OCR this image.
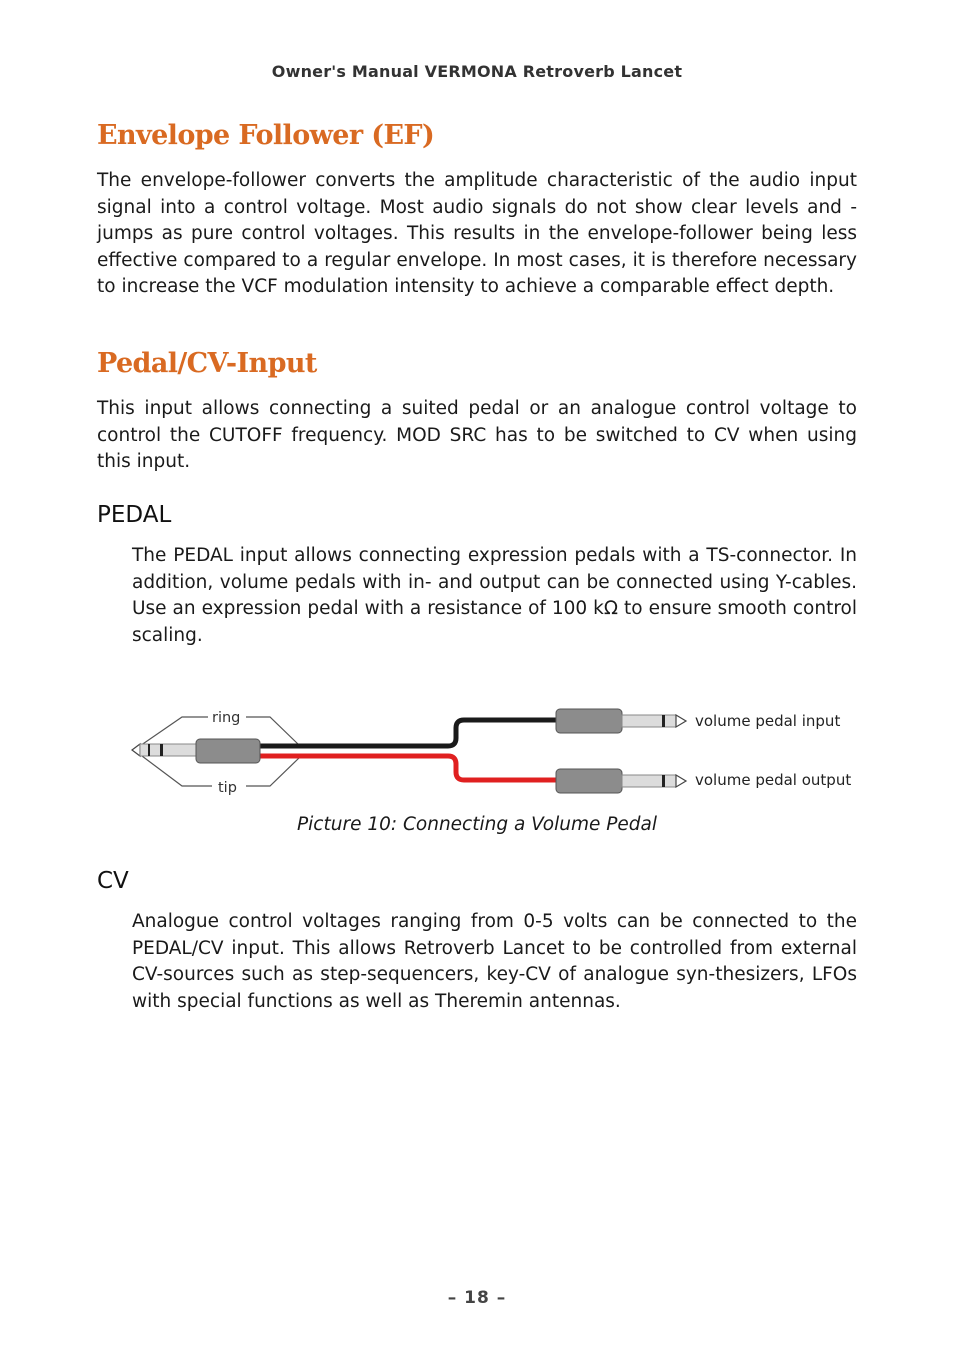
Owner's Manual VERMONA Retroverb Lancet
Envelope Follower (EF)

The envelope-follower converts the amplitude characteristic of the audio input signal into a control voltage. Most audio signals do not show clear levels and -jumps as pure control voltages. This results in the envelope-follower being less effective compared to a regular envelope. In most cases, it is therefore necessary to increase the VCF modulation intensity to achieve a comparable effect depth.

Pedal/CV-Input

This input allows connecting a suited pedal or an analogue control voltage to control the CUTOFF frequency. MOD SRC has to be switched to CV when using this input.

PEDAL

The PEDAL input allows connecting expression pedals with a TS-connector. In addition, volume pedals with in- and output can be connected using Y-cables. Use an expression pedal with a resistance of 100 kΩ to ensure smooth control scaling.

ring
tip
volume pedal input
volume pedal output
Picture 10: Connecting a Volume Pedal
CV

Analogue control voltages ranging from 0-5 volts can be connected to the PEDAL/CV input. This allows Retroverb Lancet to be controlled from external CV-sources such as step-sequencers, key-CV of analogue syn-thesizers, LFOs with special functions as well as Theremin antennas.

– 18 –
